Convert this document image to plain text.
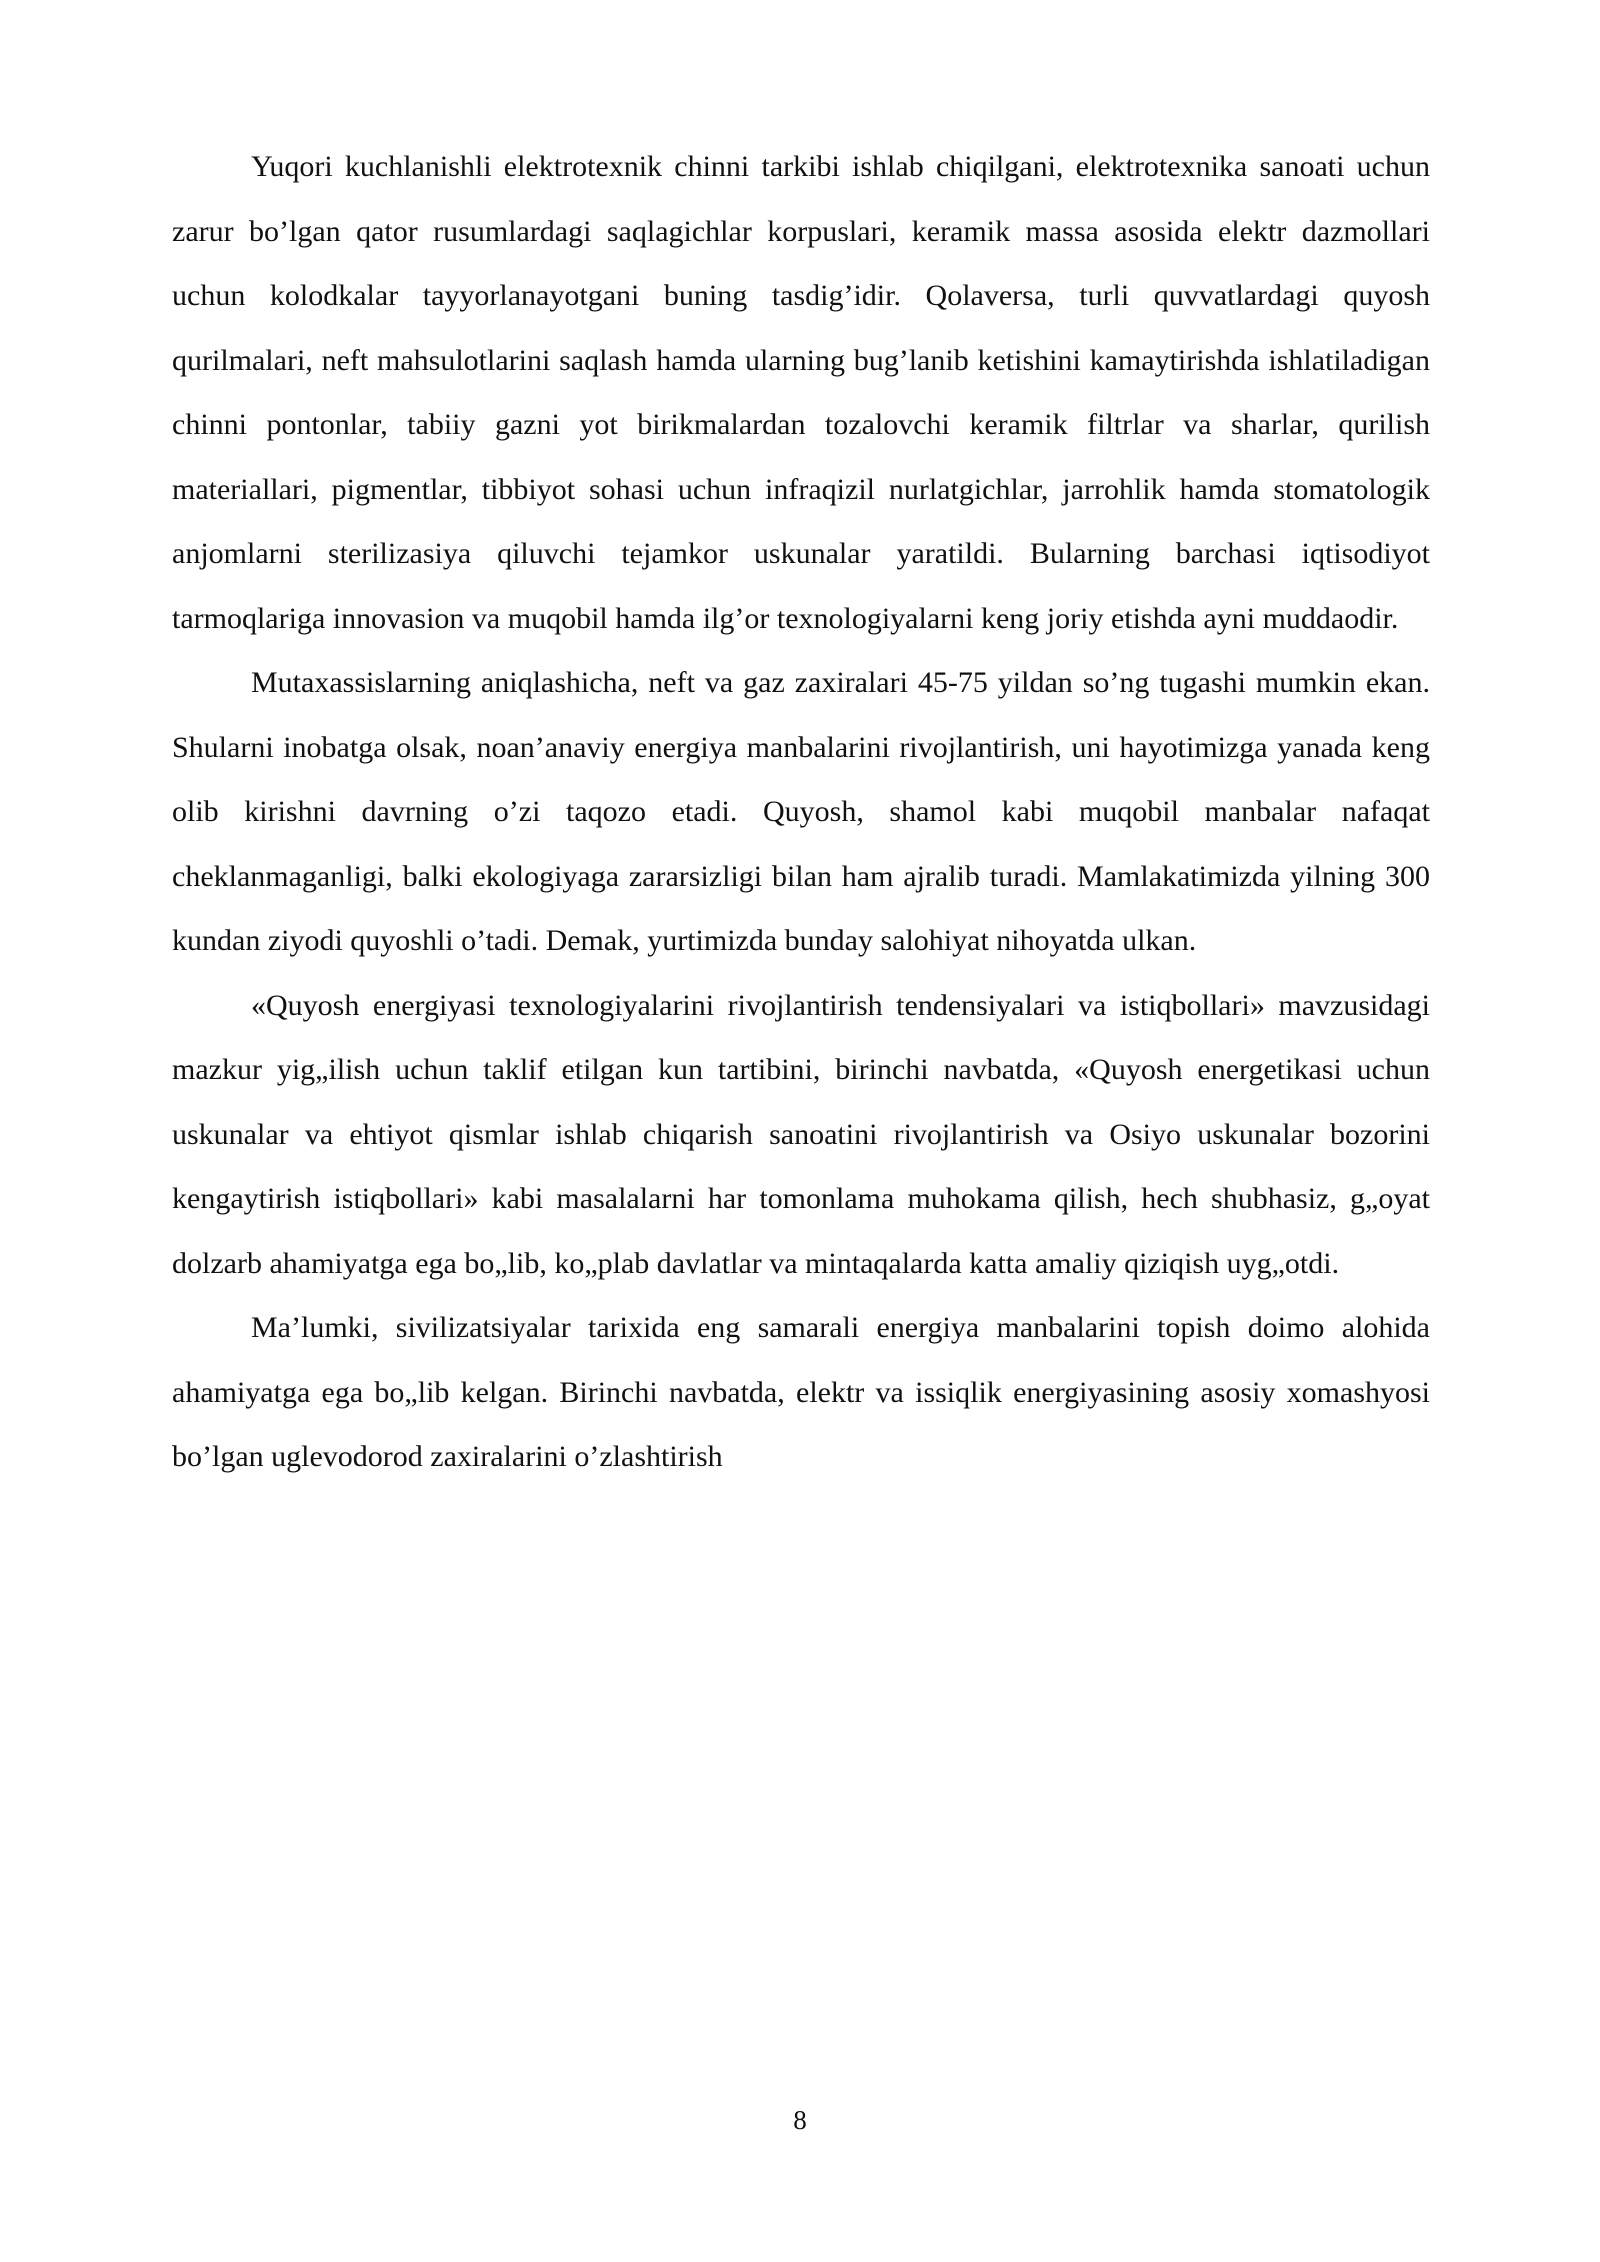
Yuqori kuchlanishli elektrotexnik chinni tarkibi ishlab chiqilgani, elektrotexnika sanoati uchun zarur bo’lgan qator rusumlardagi saqlagichlar korpuslari, keramik massa asosida elektr dazmollari uchun kolodkalar tayyorlanayotgani buning tasdig’idir. Qolaversa, turli quvvatlardagi quyosh qurilmalari, neft mahsulotlarini saqlash hamda ularning bug’lanib ketishini kamaytirishda ishlatiladigan chinni pontonlar, tabiiy gazni yot birikmalardan tozalovchi keramik filtrlar va sharlar, qurilish materiallari, pigmentlar, tibbiyot sohasi uchun infraqizil nurlatgichlar, jarrohlik hamda stomatologik anjomlarni sterilizasiya qiluvchi tejamkor uskunalar yaratildi. Bularning barchasi iqtisodiyot tarmoqlariga innovasion va muqobil hamda ilg’or texnologiyalarni keng joriy etishda ayni muddaodir.

Mutaxassislarning aniqlashicha, neft va gaz zaxiralari 45-75 yildan so’ng tugashi mumkin ekan. Shularni inobatga olsak, noan’anaviy energiya manbalarini rivojlantirish, uni hayotimizga yanada keng olib kirishni davrning o’zi taqozo etadi. Quyosh, shamol kabi muqobil manbalar nafaqat cheklanmaganligi, balki ekologiyaga zararsizligi bilan ham ajralib turadi. Mamlakatimizda yilning 300 kundan ziyodi quyoshli o’tadi. Demak, yurtimizda bunday salohiyat nihoyatda ulkan.

«Quyosh energiyasi texnologiyalarini rivojlantirish tendensiyalari va istiqbollari» mavzusidagi mazkur yig„ilish uchun taklif etilgan kun tartibini, birinchi navbatda, «Quyosh energetikasi uchun uskunalar va ehtiyot qismlar ishlab chiqarish sanoatini rivojlantirish va Osiyo uskunalar bozorini kengaytirish istiqbollari» kabi masalalarni har tomonlama muhokama qilish, hech shubhasiz, g„oyat dolzarb ahamiyatga ega bo„lib, ko„plab davlatlar va mintaqalarda katta amaliy qiziqish uyg„otdi.

Ma’lumki, sivilizatsiyalar tarixida eng samarali energiya manbalarini topish doimo alohida ahamiyatga ega bo„lib kelgan. Birinchi navbatda, elektr va issiqlik energiyasining asosiy xomashyosi bo’lgan uglevodorod zaxiralarini o’zlashtirish

8
